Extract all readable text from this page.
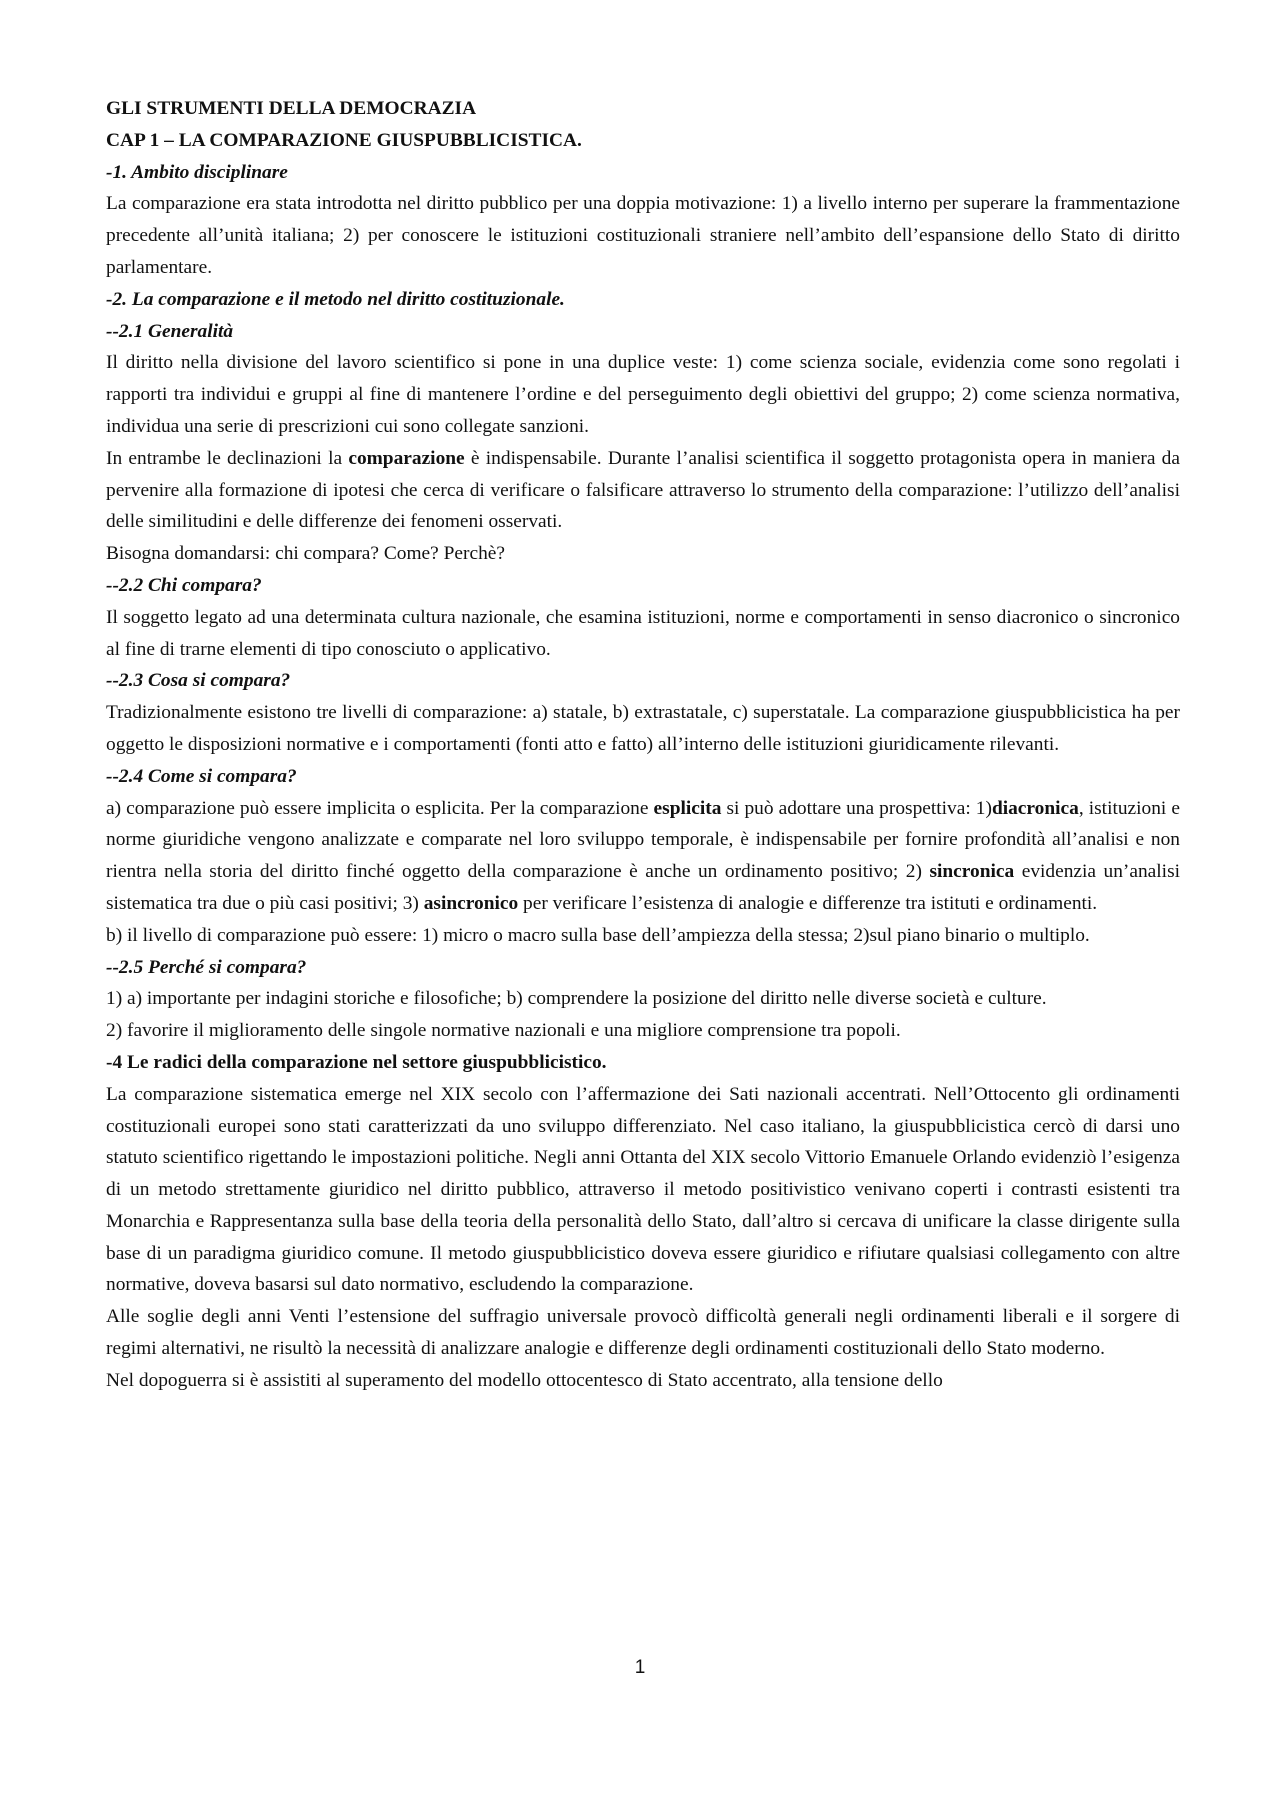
GLI STRUMENTI DELLA DEMOCRAZIA
CAP 1 – LA COMPARAZIONE GIUSPUBBLICISTICA.
-1. Ambito disciplinare

La comparazione era stata introdotta nel diritto pubblico per una doppia motivazione: 1) a livello interno per superare la frammentazione precedente all’unità italiana; 2) per conoscere le istituzioni costituzionali straniere nell’ambito dell’espansione dello Stato di diritto parlamentare.

-2. La comparazione e il metodo nel diritto costituzionale.
--2.1 Generalità

Il diritto nella divisione del lavoro scientifico si pone in una duplice veste: 1) come scienza sociale, evidenzia come sono regolati i rapporti tra individui e gruppi al fine di mantenere l’ordine e del perseguimento degli obiettivi del gruppo; 2) come scienza normativa, individua una serie di prescrizioni cui sono collegate sanzioni.

In entrambe le declinazioni la comparazione è indispensabile. Durante l’analisi scientifica il soggetto protagonista opera in maniera da pervenire alla formazione di ipotesi che cerca di verificare o falsificare attraverso lo strumento della comparazione: l’utilizzo dell’analisi delle similitudini e delle differenze dei fenomeni osservati.

Bisogna domandarsi: chi compara? Come? Perchè?

--2.2 Chi compara?

Il soggetto legato ad una determinata cultura nazionale, che esamina istituzioni, norme e comportamenti in senso diacronico o sincronico al fine di trarne elementi di tipo conosciuto o applicativo.

--2.3 Cosa si compara?

Tradizionalmente esistono tre livelli di comparazione: a) statale, b) extrastatale, c) superstatale. La comparazione giuspubblicistica ha per oggetto le disposizioni normative e i comportamenti (fonti atto e fatto) all’interno delle istituzioni giuridicamente rilevanti.

--2.4 Come si compara?

a) comparazione può essere implicita o esplicita. Per la comparazione esplicita si può adottare una prospettiva: 1)diacronica, istituzioni e norme giuridiche vengono analizzate e comparate nel loro sviluppo temporale, è indispensabile per fornire profondità all’analisi e non rientra nella storia del diritto finché oggetto della comparazione è anche un ordinamento positivo; 2) sincronica evidenzia un’analisi sistematica tra due o più casi positivi; 3) asincronico per verificare l’esistenza di analogie e differenze tra istituti e ordinamenti.

b) il livello di comparazione può essere: 1) micro o macro sulla base dell’ampiezza della stessa; 2)sul piano binario o multiplo.

--2.5 Perché si compara?

1) a) importante per indagini storiche e filosofiche; b) comprendere la posizione del diritto nelle diverse società e culture.

2) favorire il miglioramento delle singole normative nazionali e una migliore comprensione tra popoli.

-4 Le radici della comparazione nel settore giuspubblicistico.

La comparazione sistematica emerge nel XIX secolo con l’affermazione dei Sati nazionali accentrati. Nell’Ottocento gli ordinamenti costituzionali europei sono stati caratterizzati da uno sviluppo differenziato. Nel caso italiano, la giuspubblicistica cercò di darsi uno statuto scientifico rigettando le impostazioni politiche. Negli anni Ottanta del XIX secolo Vittorio Emanuele Orlando evidenziò l’esigenza di un metodo strettamente giuridico nel diritto pubblico, attraverso il metodo positivistico venivano coperti i contrasti esistenti tra Monarchia e Rappresentanza sulla base della teoria della personalità dello Stato, dall’altro si cercava di unificare la classe dirigente sulla base di un paradigma giuridico comune. Il metodo giuspubblicistico doveva essere giuridico e rifiutare qualsiasi collegamento con altre normative, doveva basarsi sul dato normativo, escludendo la comparazione.

Alle soglie degli anni Venti l’estensione del suffragio universale provocò difficoltà generali negli ordinamenti liberali e il sorgere di regimi alternativi, ne risultò la necessità di analizzare analogie e differenze degli ordinamenti costituzionali dello Stato moderno.

Nel dopoguerra si è assistiti al superamento del modello ottocentesco di Stato accentrato, alla tensione dello

1
